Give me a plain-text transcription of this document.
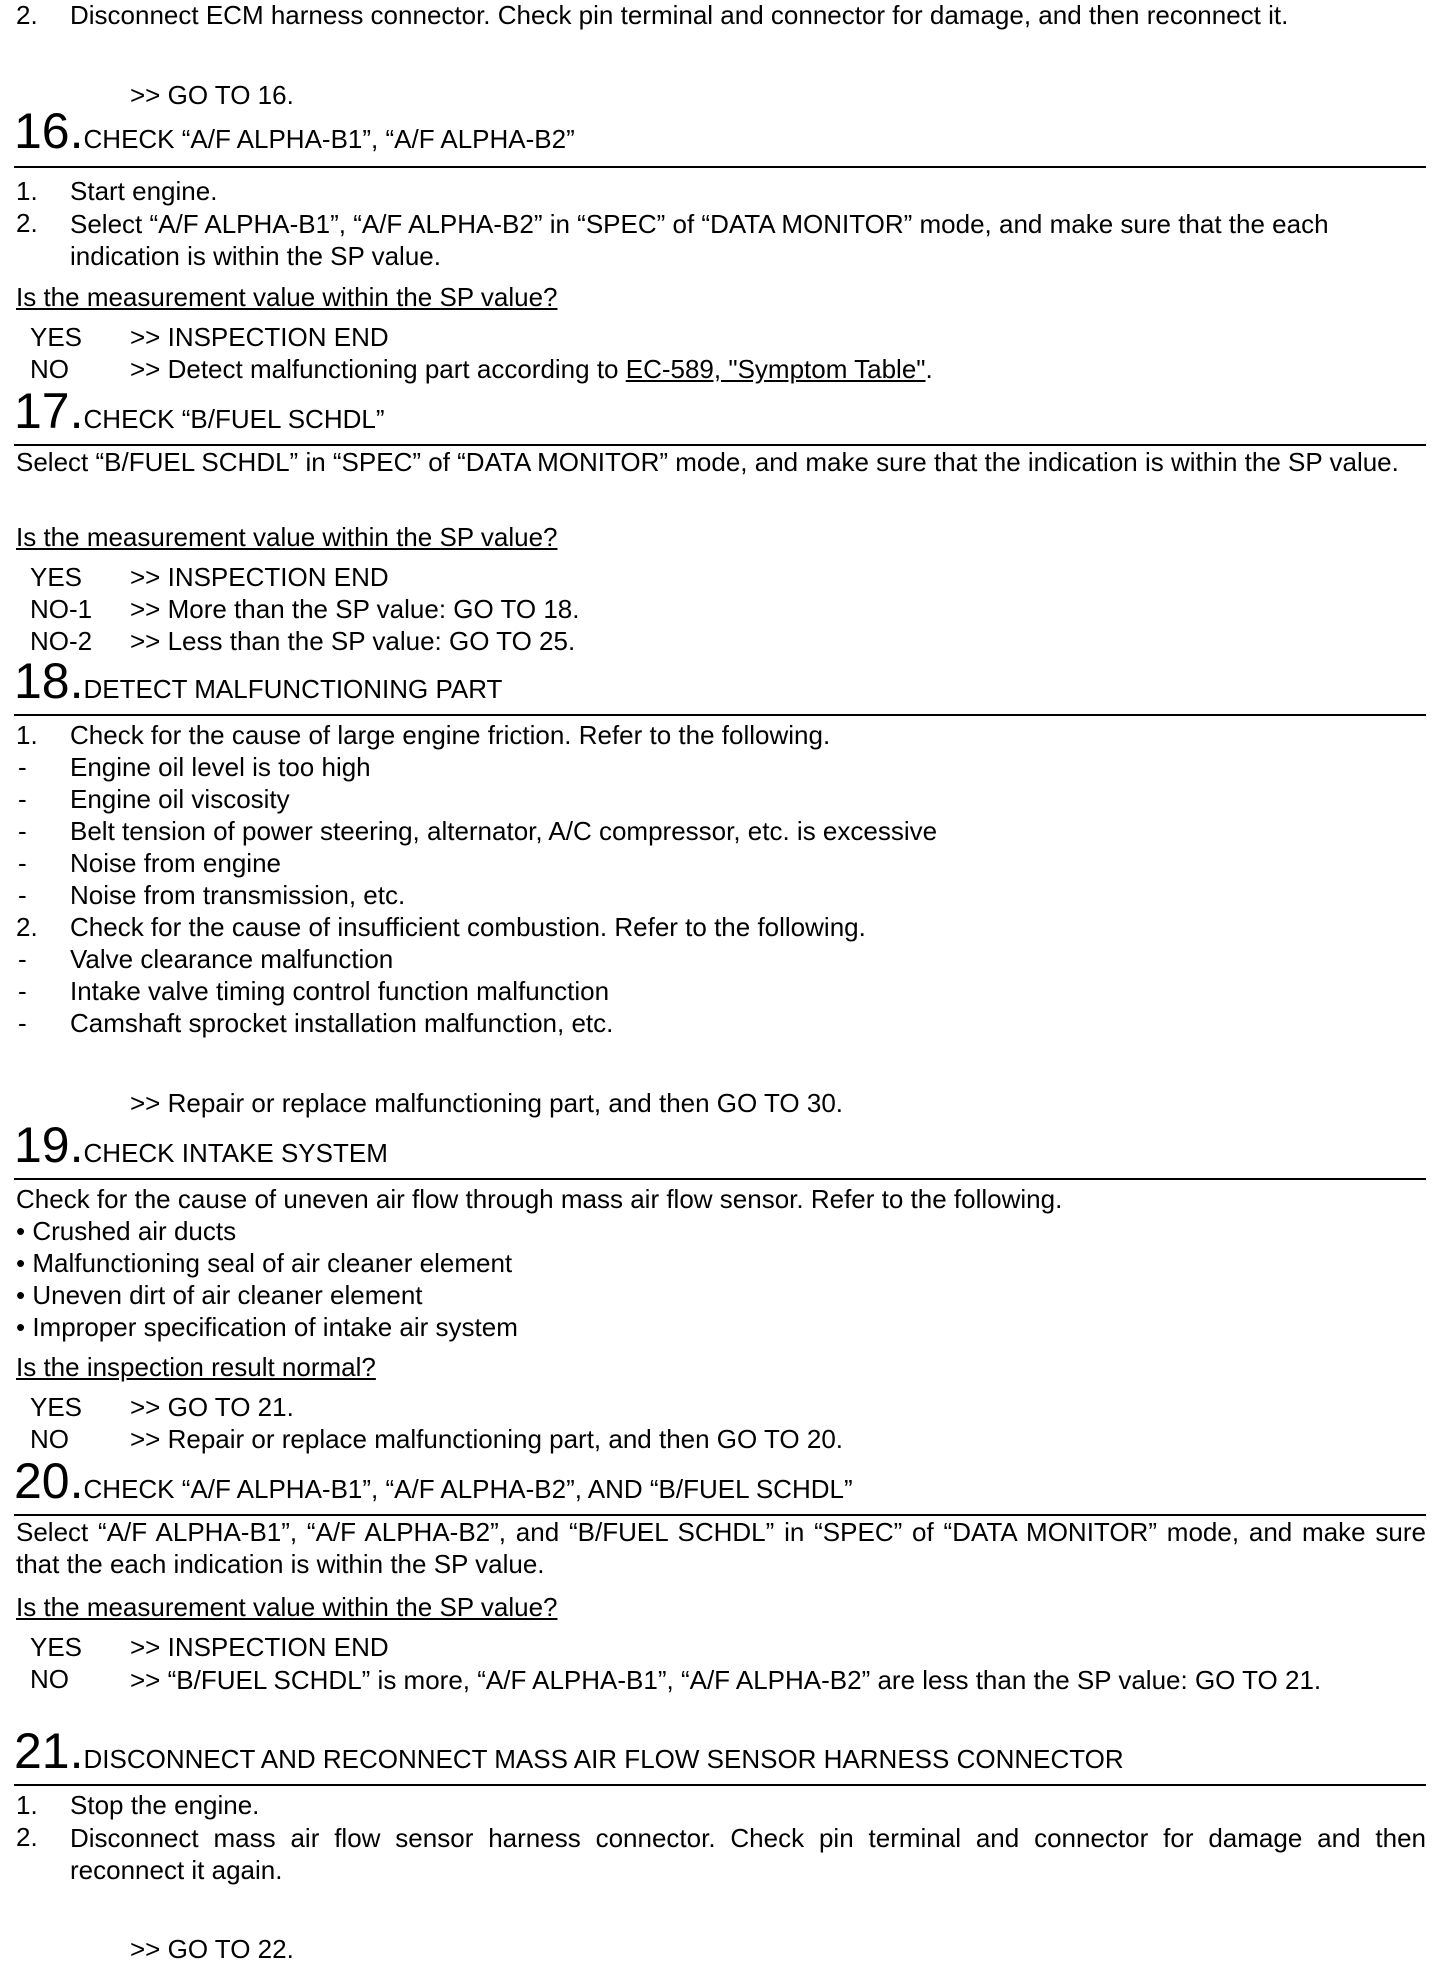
2.	Disconnect ECM harness connector. Check pin terminal and connector for damage, and then reconnect it.
>> GO TO 16.
16.CHECK “A/F ALPHA-B1”, “A/F ALPHA-B2”
1.	Start engine.
2.	Select “A/F ALPHA-B1”, “A/F ALPHA-B2” in “SPEC” of “DATA MONITOR” mode, and make sure that the each indication is within the SP value.
Is the measurement value within the SP value?
YES >> INSPECTION END
NO >> Detect malfunctioning part according to EC-589, "Symptom Table".
17.CHECK “B/FUEL SCHDL”
Select “B/FUEL SCHDL” in “SPEC” of “DATA MONITOR” mode, and make sure that the indication is within the SP value.
Is the measurement value within the SP value?
YES >> INSPECTION END
NO-1 >> More than the SP value: GO TO 18.
NO-2 >> Less than the SP value: GO TO 25.
18.DETECT MALFUNCTIONING PART
1.	Check for the cause of large engine friction. Refer to the following.
- Engine oil level is too high
- Engine oil viscosity
- Belt tension of power steering, alternator, A/C compressor, etc. is excessive
- Noise from engine
- Noise from transmission, etc.
2.	Check for the cause of insufficient combustion. Refer to the following.
- Valve clearance malfunction
- Intake valve timing control function malfunction
- Camshaft sprocket installation malfunction, etc.
>> Repair or replace malfunctioning part, and then GO TO 30.
19.CHECK INTAKE SYSTEM
Check for the cause of uneven air flow through mass air flow sensor. Refer to the following.
• Crushed air ducts
• Malfunctioning seal of air cleaner element
• Uneven dirt of air cleaner element
• Improper specification of intake air system
Is the inspection result normal?
YES >> GO TO 21.
NO >> Repair or replace malfunctioning part, and then GO TO 20.
20.CHECK “A/F ALPHA-B1”, “A/F ALPHA-B2”, AND “B/FUEL SCHDL”
Select “A/F ALPHA-B1”, “A/F ALPHA-B2”, and “B/FUEL SCHDL” in “SPEC” of “DATA MONITOR” mode, and make sure that the each indication is within the SP value.
Is the measurement value within the SP value?
YES >> INSPECTION END
NO >> “B/FUEL SCHDL” is more, “A/F ALPHA-B1”, “A/F ALPHA-B2” are less than the SP value: GO TO 21.
21.DISCONNECT AND RECONNECT MASS AIR FLOW SENSOR HARNESS CONNECTOR
1.	Stop the engine.
2.	Disconnect mass air flow sensor harness connector. Check pin terminal and connector for damage and then reconnect it again.
>> GO TO 22.
